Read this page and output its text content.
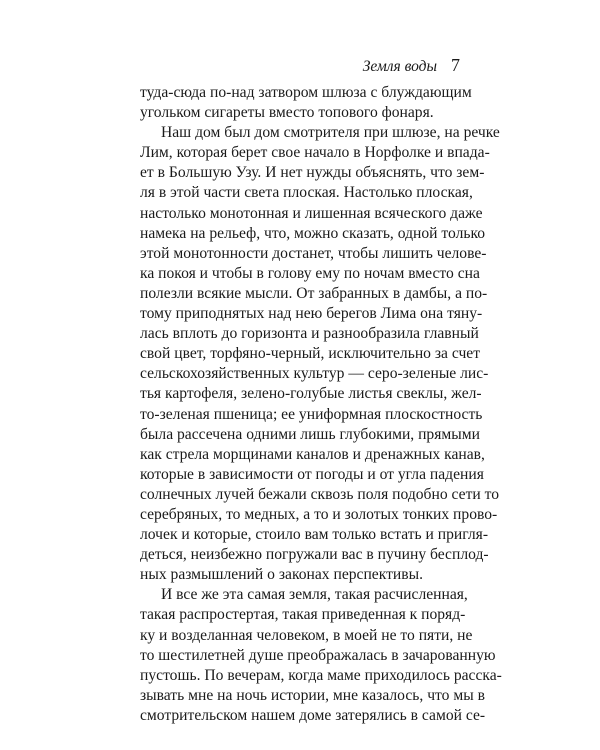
Земля воды 7
туда-сюда по-над затвором шлюза с блуждающим
угольком сигареты вместо топового фонаря.
Наш дом был дом смотрителя при шлюзе, на речке
Лим, которая берет свое начало в Норфолке и впада-
ет в Большую Узу. И нет нужды объяснять, что зем-
ля в этой части света плоская. Настолько плоская,
настолько монотонная и лишенная всяческого даже
намека на рельеф, что, можно сказать, одной только
этой монотонности достанет, чтобы лишить челове-
ка покоя и чтобы в голову ему по ночам вместо сна
полезли всякие мысли. От забранных в дамбы, а по-
тому приподнятых над нею берегов Лима она тяну-
лась вплоть до горизонта и разнообразила главный
свой цвет, торфяно-черный, исключительно за счет
сельскохозяйственных культур — серо-зеленые лис-
тья картофеля, зелено-голубые листья свеклы, жел-
то-зеленая пшеница; ее униформная плоскостность
была рассечена одними лишь глубокими, прямыми
как стрела морщинами каналов и дренажных канав,
которые в зависимости от погоды и от угла падения
солнечных лучей бежали сквозь поля подобно сети то
серебряных, то медных, а то и золотых тонких прово-
лочек и которые, стоило вам только встать и пригля-
деться, неизбежно погружали вас в пучину бесплод-
ных размышлений о законах перспективы.
И все же эта самая земля, такая расчисленная,
такая распростертая, такая приведенная к поряд-
ку и возделанная человеком, в моей не то пяти, не
то шестилетней душе преображалась в зачарованную
пустошь. По вечерам, когда маме приходилось расска-
зывать мне на ночь истории, мне казалось, что мы в
смотрительском нашем доме затерялись в самой се-
